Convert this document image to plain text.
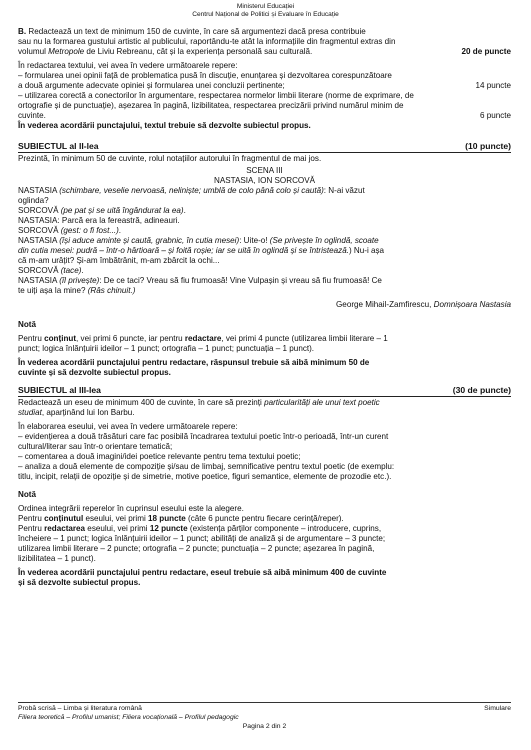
Ministerul Educației
Centrul Național de Politici și Evaluare în Educație
B. Redactează un text de minimum 150 de cuvinte, în care să argumentezi dacă presa contribuie
sau nu la formarea gustului artistic al publicului, raportându-te atât la informațiile din fragmentul extras din
volumul Metropole de Liviu Rebreanu, cât și la experiența personală sau culturală.	20 de puncte
În redactarea textului, vei avea în vedere următoarele repere:
– formularea unei opinii față de problematica pusă în discuție, enunțarea și dezvoltarea corespunzătoare
a două argumente adecvate opiniei și formularea unei concluzii pertinente;	14 puncte
– utilizarea corectă a conectorilor în argumentare, respectarea normelor limbii literare (norme de exprimare, de
ortografie și de punctuație), așezarea în pagină, lizibilitatea, respectarea precizării privind numărul minim de
cuvinte.	6 puncte
În vederea acordării punctajului, textul trebuie să dezvolte subiectul propus.
SUBIECTUL al II-lea	(10 puncte)
Prezintă, în minimum 50 de cuvinte, rolul notațiilor autorului în fragmentul de mai jos.
SCENA III
NASTASIA, ION SORCOVĂ
NASTASIA (schimbare, veselie nervoasă, neliniște; umblă de colo până colo și caută): N-ai văzut
oglinda?
SORCOVĂ (pe pat și se uită îngândurat la ea).
NASTASIA: Parcă era la fereastră, adineauri.
SORCOVĂ (gest: o fi fost...).
NASTASIA (își aduce aminte și caută, grabnic, în cutia mesei): Uite-o! (Se privește în oglindă, scoate
din cutia mesei: pudră – într-o hârtioară – și foită roșie; iar se uită în oglindă și se întristează.) Nu-i așa
că m-am urâțit? Și-am îmbătrânit, m-am zbârcit la ochi...
SORCOVĂ (tace).
NASTASIA (îl privește): De ce taci? Vreau să fiu frumoasă! Vine Vulpașin și vreau să fiu frumoasă! Ce
te uiți așa la mine? (Râs chinuit.)
George Mihail-Zamfirescu, Domnișoara Nastasia
Notă
Pentru conținut, vei primi 6 puncte, iar pentru redactare, vei primi 4 puncte (utilizarea limbii literare – 1
punct; logica înlănțuirii ideilor – 1 punct; ortografia – 1 punct; punctuația – 1 punct).
În vederea acordării punctajului pentru redactare, răspunsul trebuie să aibă minimum 50 de
cuvinte și să dezvolte subiectul propus.
SUBIECTUL al III-lea	(30 de puncte)
Redactează un eseu de minimum 400 de cuvinte, în care să prezinți particularități ale unui text poetic
studiat, aparținând lui Ion Barbu.
În elaborarea eseului, vei avea în vedere următoarele repere:
– evidențierea a două trăsături care fac posibilă încadrarea textului poetic într-o perioadă, într-un curent
cultural/literar sau într-o orientare tematică;
– comentarea a două imagini/idei poetice relevante pentru tema textului poetic;
– analiza a două elemente de compoziție și/sau de limbaj, semnificative pentru textul poetic (de exemplu:
titlu, incipit, relații de opoziție și de simetrie, motive poetice, figuri semantice, elemente de prozodie etc.).
Notă
Ordinea integrării reperelor în cuprinsul eseului este la alegere.
Pentru conținutul eseului, vei primi 18 puncte (câte 6 puncte pentru fiecare cerință/reper).
Pentru redactarea eseului, vei primi 12 puncte (existența părților componente – introducere, cuprins,
încheiere – 1 punct; logica înlănțuirii ideilor – 1 punct; abilități de analiză și de argumentare – 3 puncte;
utilizarea limbii literare – 2 puncte; ortografia – 2 puncte; punctuația – 2 puncte; așezarea în pagină,
lizibilitatea – 1 punct).
În vederea acordării punctajului pentru redactare, eseul trebuie să aibă minimum 400 de cuvinte
și să dezvolte subiectul propus.
Probă scrisă – Limba și literatura română	Simulare
Filiera teoretică – Profilul umanist; Filiera vocațională – Profilul pedagogic
Pagina 2 din 2
